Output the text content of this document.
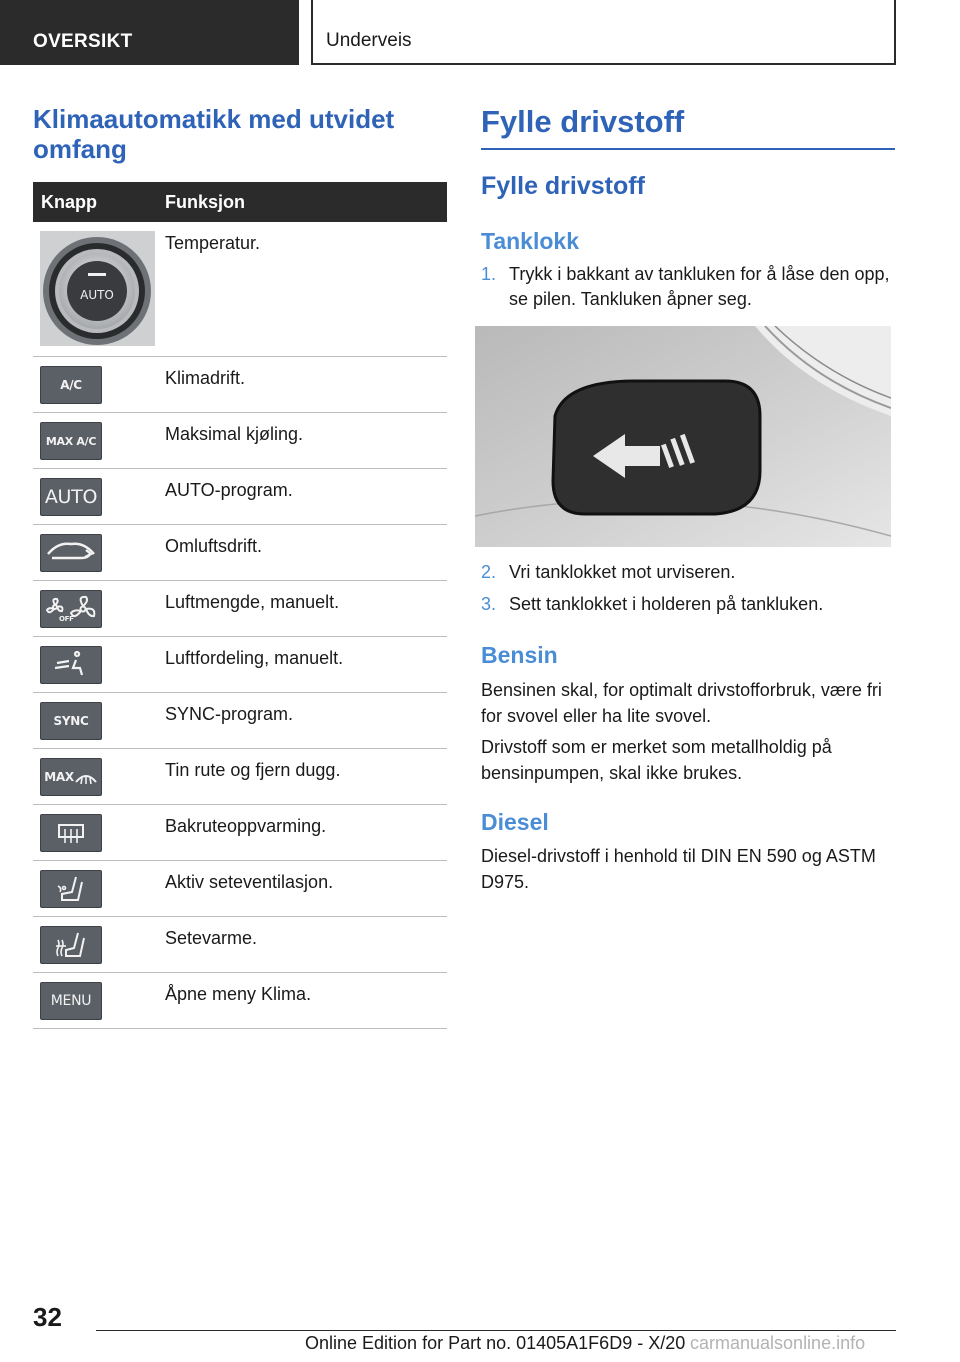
OVERSIKT	Underveis
Klimaautomatikk med utvidet omfang
Knapp	Funksjon

AUTO	Temperatur.

A/C	Klimadrift.

MAX A/C	Maksimal kjøling.

AUTO	AUTO-program.

	Omluftsdrift.

OFF	Luftmengde, manuelt.

	Luftfordeling, manuelt.

SYNC	SYNC-program.

MAX	Tin rute og fjern dugg.

	Bakruteoppvarming.

	Aktiv seteventilasjon.

	Setevarme.

MENU	Åpne meny Klima.
Fylle drivstoff
Fylle drivstoff
Tanklokk
1. Trykk i bakkant av tankluken for å låse den opp, se pilen. Tankluken åpner seg.
2. Vri tanklokket mot urviseren.
3. Sett tanklokket i holderen på tankluken.
Bensin
Bensinen skal, for optimalt drivstofforbruk, være fri for svovel eller ha lite svovel.
Drivstoff som er merket som metallholdig på bensinpumpen, skal ikke brukes.
Diesel
Diesel-drivstoff i henhold til DIN EN 590 og ASTM D975.
32
Online Edition for Part no. 01405A1F6D9 - X/20 carmanualsonline.info
